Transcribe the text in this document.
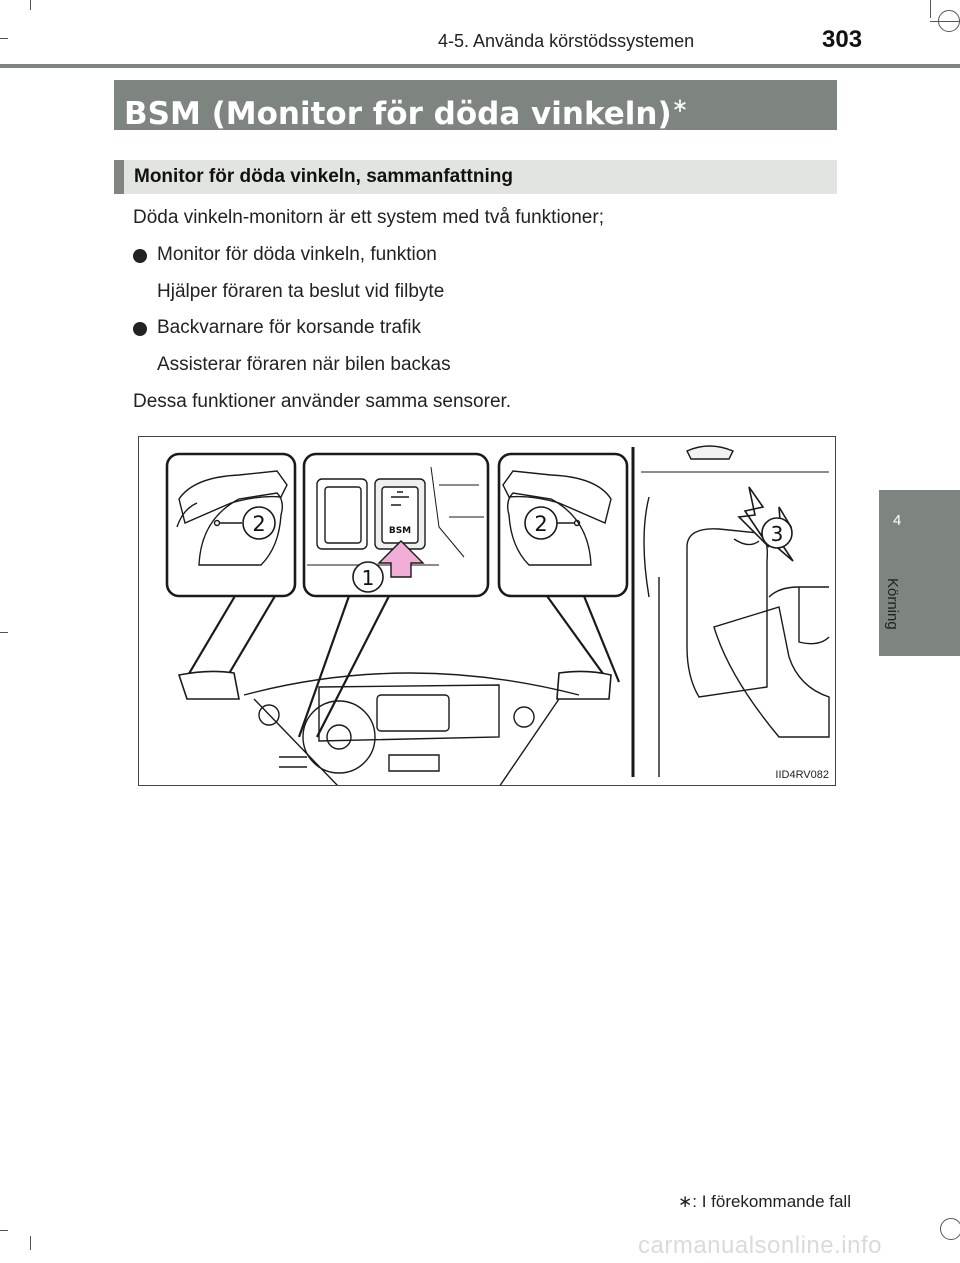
4-5. Använda körstödssystemen	303
BSM (Monitor för döda vinkeln)∗
Monitor för döda vinkeln, sammanfattning
Döda vinkeln-monitorn är ett system med två funktioner;
Monitor för döda vinkeln, funktion
Hjälper föraren ta beslut vid filbyte
Backvarnare för korsande trafik
Assisterar föraren när bilen backas
Dessa funktioner använder samma sensorer.
2	BSM
1
2	3
IID4RV082
4
Körning
∗: I förekommande fall
carmanualsonline.info
